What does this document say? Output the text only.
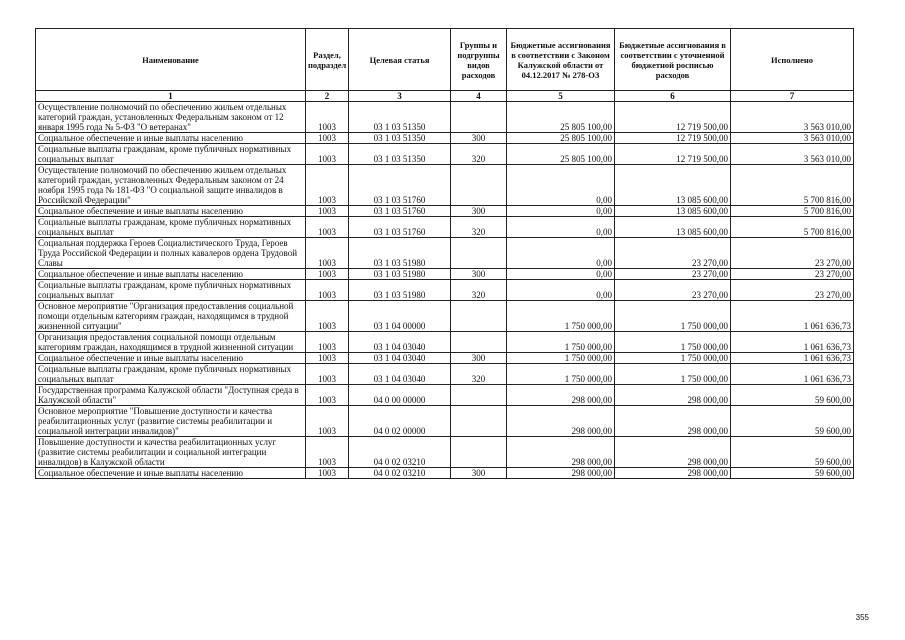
Наименование	Раздел, подраздел	Целевая статья	Группы и подгруппы видов расходов	Бюджетные ассигнования в соответствии с Законом Калужской области от 04.12.2017 № 278-ОЗ	Бюджетные ассигнования в соответствии с уточненной бюджетной росписью расходов	Исполнено
1	2	3	4	5	6	7
Осуществление полномочий по обеспечению жильем отдельных категорий граждан, установленных Федеральным законом от 12 января 1995 года № 5-ФЗ "О ветеранах"	1003	03 1 03 51350		25 805 100,00	12 719 500,00	3 563 010,00
Социальное обеспечение и иные выплаты населению	1003	03 1 03 51350	300	25 805 100,00	12 719 500,00	3 563 010,00
Социальные выплаты гражданам, кроме публичных нормативных социальных выплат	1003	03 1 03 51350	320	25 805 100,00	12 719 500,00	3 563 010,00
Осуществление полномочий по обеспечению жильем отдельных категорий граждан, установленных Федеральным законом от 24 ноября 1995 года № 181-ФЗ "О социальной защите инвалидов в Российской Федерации"	1003	03 1 03 51760		0,00	13 085 600,00	5 700 816,00
Социальное обеспечение и иные выплаты населению	1003	03 1 03 51760	300	0,00	13 085 600,00	5 700 816,00
Социальные выплаты гражданам, кроме публичных нормативных социальных выплат	1003	03 1 03 51760	320	0,00	13 085 600,00	5 700 816,00
Социальная поддержка Героев Социалистического Труда, Героев Труда Российской Федерации и полных кавалеров ордена Трудовой Славы	1003	03 1 03 51980		0,00	23 270,00	23 270,00
Социальное обеспечение и иные выплаты населению	1003	03 1 03 51980	300	0,00	23 270,00	23 270,00
Социальные выплаты гражданам, кроме публичных нормативных социальных выплат	1003	03 1 03 51980	320	0,00	23 270,00	23 270,00
Основное мероприятие "Организация предоставления социальной помощи отдельным категориям граждан, находящимся в трудной жизненной ситуации"	1003	03 1 04 00000		1 750 000,00	1 750 000,00	1 061 636,73
Организация предоставления социальной помощи отдельным категориям граждан, находящимся в трудной жизненной ситуации	1003	03 1 04 03040		1 750 000,00	1 750 000,00	1 061 636,73
Социальное обеспечение и иные выплаты населению	1003	03 1 04 03040	300	1 750 000,00	1 750 000,00	1 061 636,73
Социальные выплаты гражданам, кроме публичных нормативных социальных выплат	1003	03 1 04 03040	320	1 750 000,00	1 750 000,00	1 061 636,73
Государственная программа Калужской области "Доступная среда в Калужской области"	1003	04 0 00 00000		298 000,00	298 000,00	59 600,00
Основное мероприятие "Повышение доступности и качества реабилитационных услуг (развитие системы реабилитации и социальной интеграции инвалидов)"	1003	04 0 02 00000		298 000,00	298 000,00	59 600,00
Повышение доступности и качества реабилитационных услуг (развитие системы реабилитации и социальной интеграции инвалидов) в Калужской области	1003	04 0 02 03210		298 000,00	298 000,00	59 600,00
Социальное обеспечение и иные выплаты населению	1003	04 0 02 03210	300	298 000,00	298 000,00	59 600,00
355
